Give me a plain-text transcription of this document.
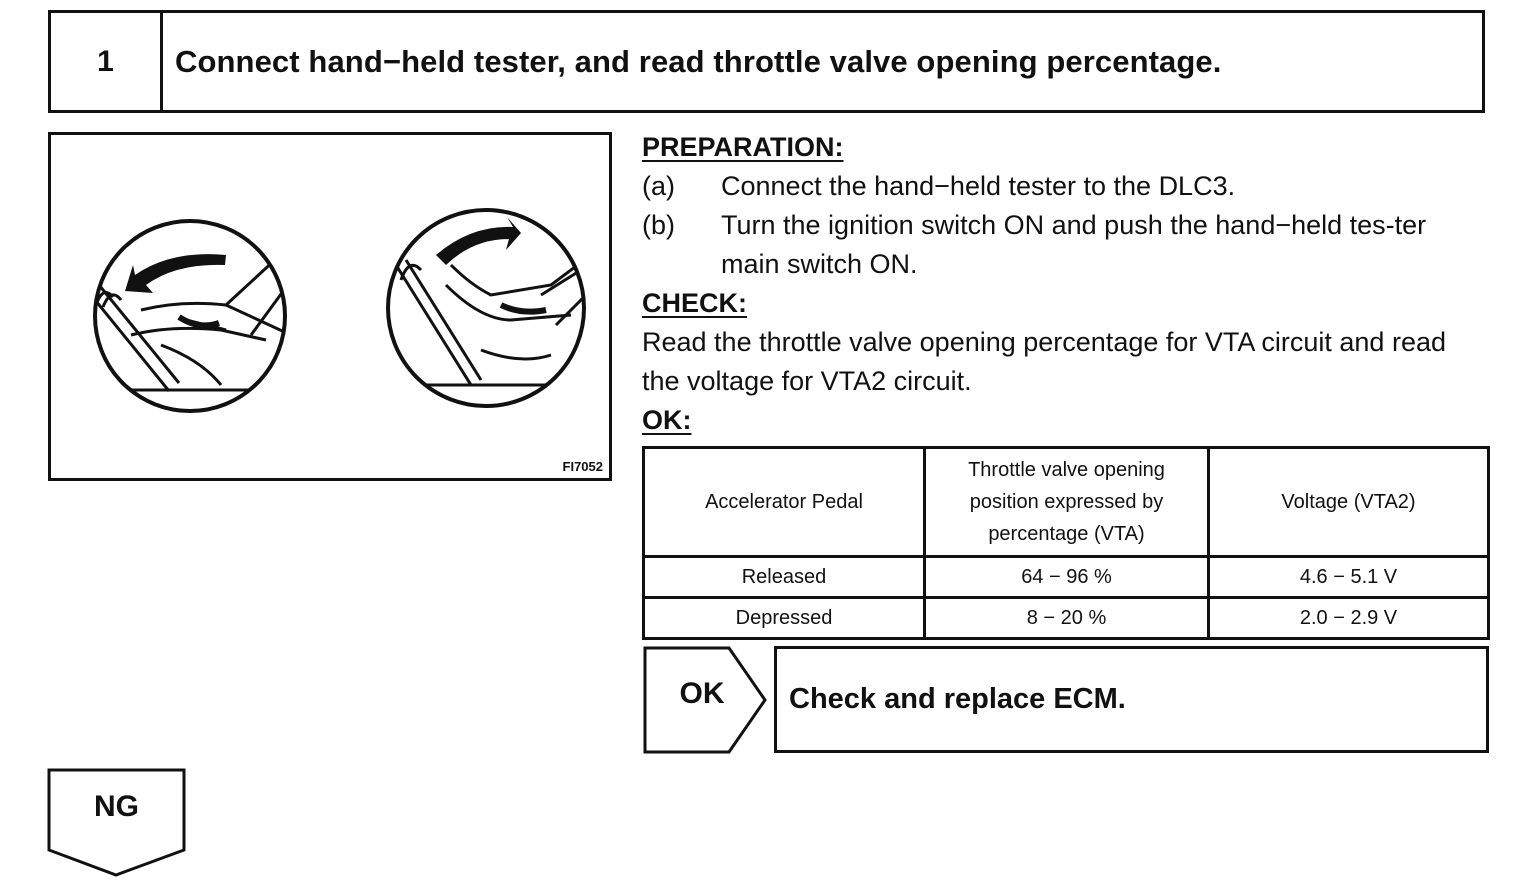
1	Connect hand−held tester, and read throttle valve opening percentage.
FI7052
PREPARATION:
(a)	Connect the hand−held tester to the DLC3.
(b)	Turn the ignition switch ON and push the hand−held tes-ter main switch ON.
CHECK:

Read the throttle valve opening percentage for VTA circuit and read the voltage for VTA2 circuit.

OK:
Accelerator Pedal	Throttle valve opening position expressed by percentage (VTA)	Voltage (VTA2)
Released	64 − 96 %	4.6 − 5.1 V
Depressed	8 − 20 %	2.0 − 2.9 V
OK	Check and replace ECM.
NG
